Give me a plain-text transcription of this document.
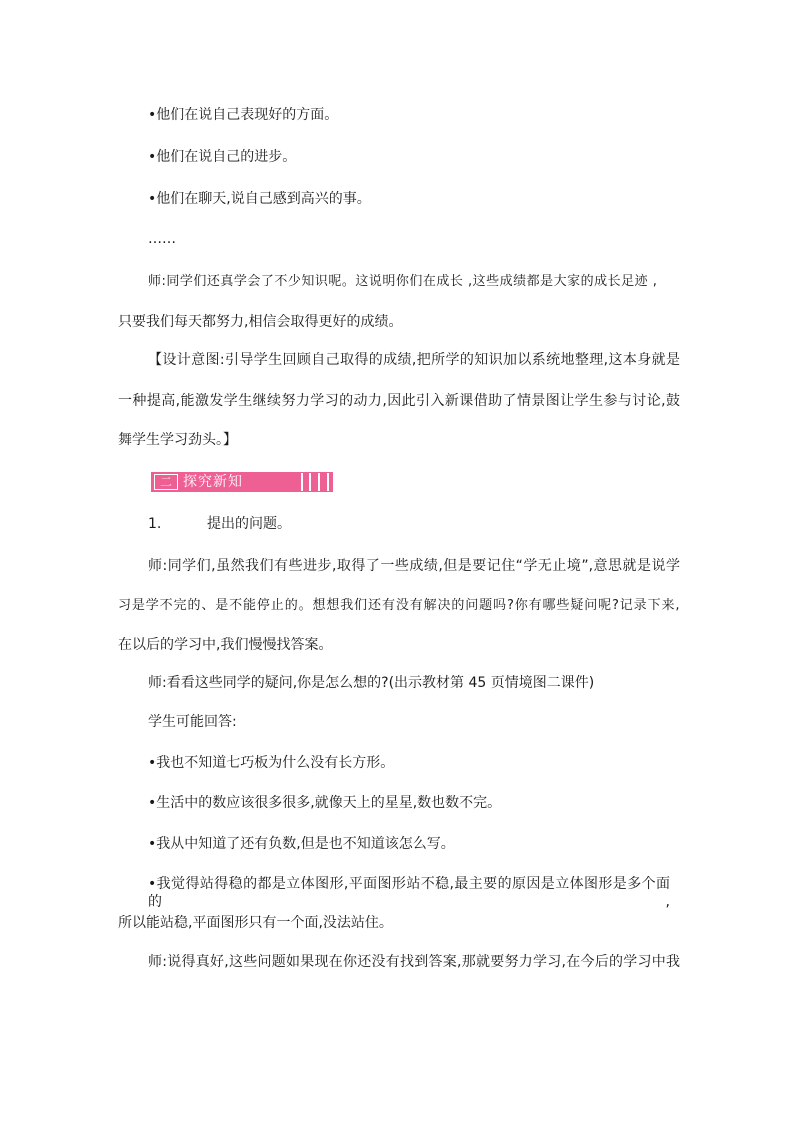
•他们在说自己表现好的方面。
•他们在说自己的进步。
•他们在聊天,说自己感到高兴的事。
……
师:同学们还真学会了不少知识呢。这说明你们在成长 ,这些成绩都是大家的成长足迹 ,
只要我们每天都努力,相信会取得更好的成绩。
【设计意图:引导学生回顾自己取得的成绩,把所学的知识加以系统地整理,这本身就是
一种提高,能激发学生继续努力学习的动力,因此引入新课借助了情景图让学生参与讨论,鼓
舞学生学习劲头。】
二 探究新知
1.	提出的问题。
师:同学们,虽然我们有些进步,取得了一些成绩,但是要记住“学无止境”,意思就是说学
习是学不完的、是不能停止的。想想我们还有没有解决的问题吗?你有哪些疑问呢?记录下来,
在以后的学习中,我们慢慢找答案。
师:看看这些同学的疑问,你是怎么想的?(出示教材第 45 页情境图二课件)
学生可能回答:
•我也不知道七巧板为什么没有长方形。
•生活中的数应该很多很多,就像天上的星星,数也数不完。
•我从中知道了还有负数,但是也不知道该怎么写。
•我觉得站得稳的都是立体图形,平面图形站不稳,最主要的原因是立体图形是多个面的,
所以能站稳,平面图形只有一个面,没法站住。
师:说得真好,这些问题如果现在你还没有找到答案,那就要努力学习,在今后的学习中我
